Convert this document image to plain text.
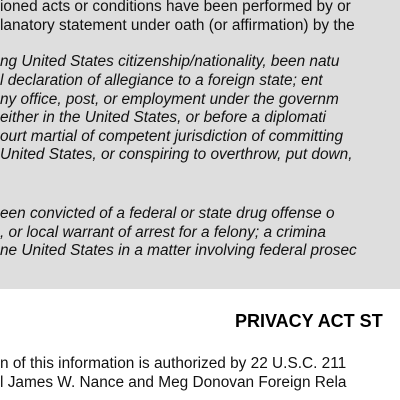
ioned acts or conditions have been performed by or
lanatory statement under oath (or affirmation) by the
ng United States citizenship/nationality, been natu
l declaration of allegiance to a foreign state; ent
ny office, post, or employment under the governm
either in the United States, or before a diplomati
ourt martial of competent jurisdiction of committing
United States, or conspiring to overthrow, put down,
een convicted of a federal or state drug offense o
, or local warrant of arrest for a felony; a crimina
ne United States in a matter involving federal prosec
PRIVACY ACT ST
n of this information is authorized by 22 U.S.C. 211
l James W. Nance and Meg Donovan Foreign Rela
